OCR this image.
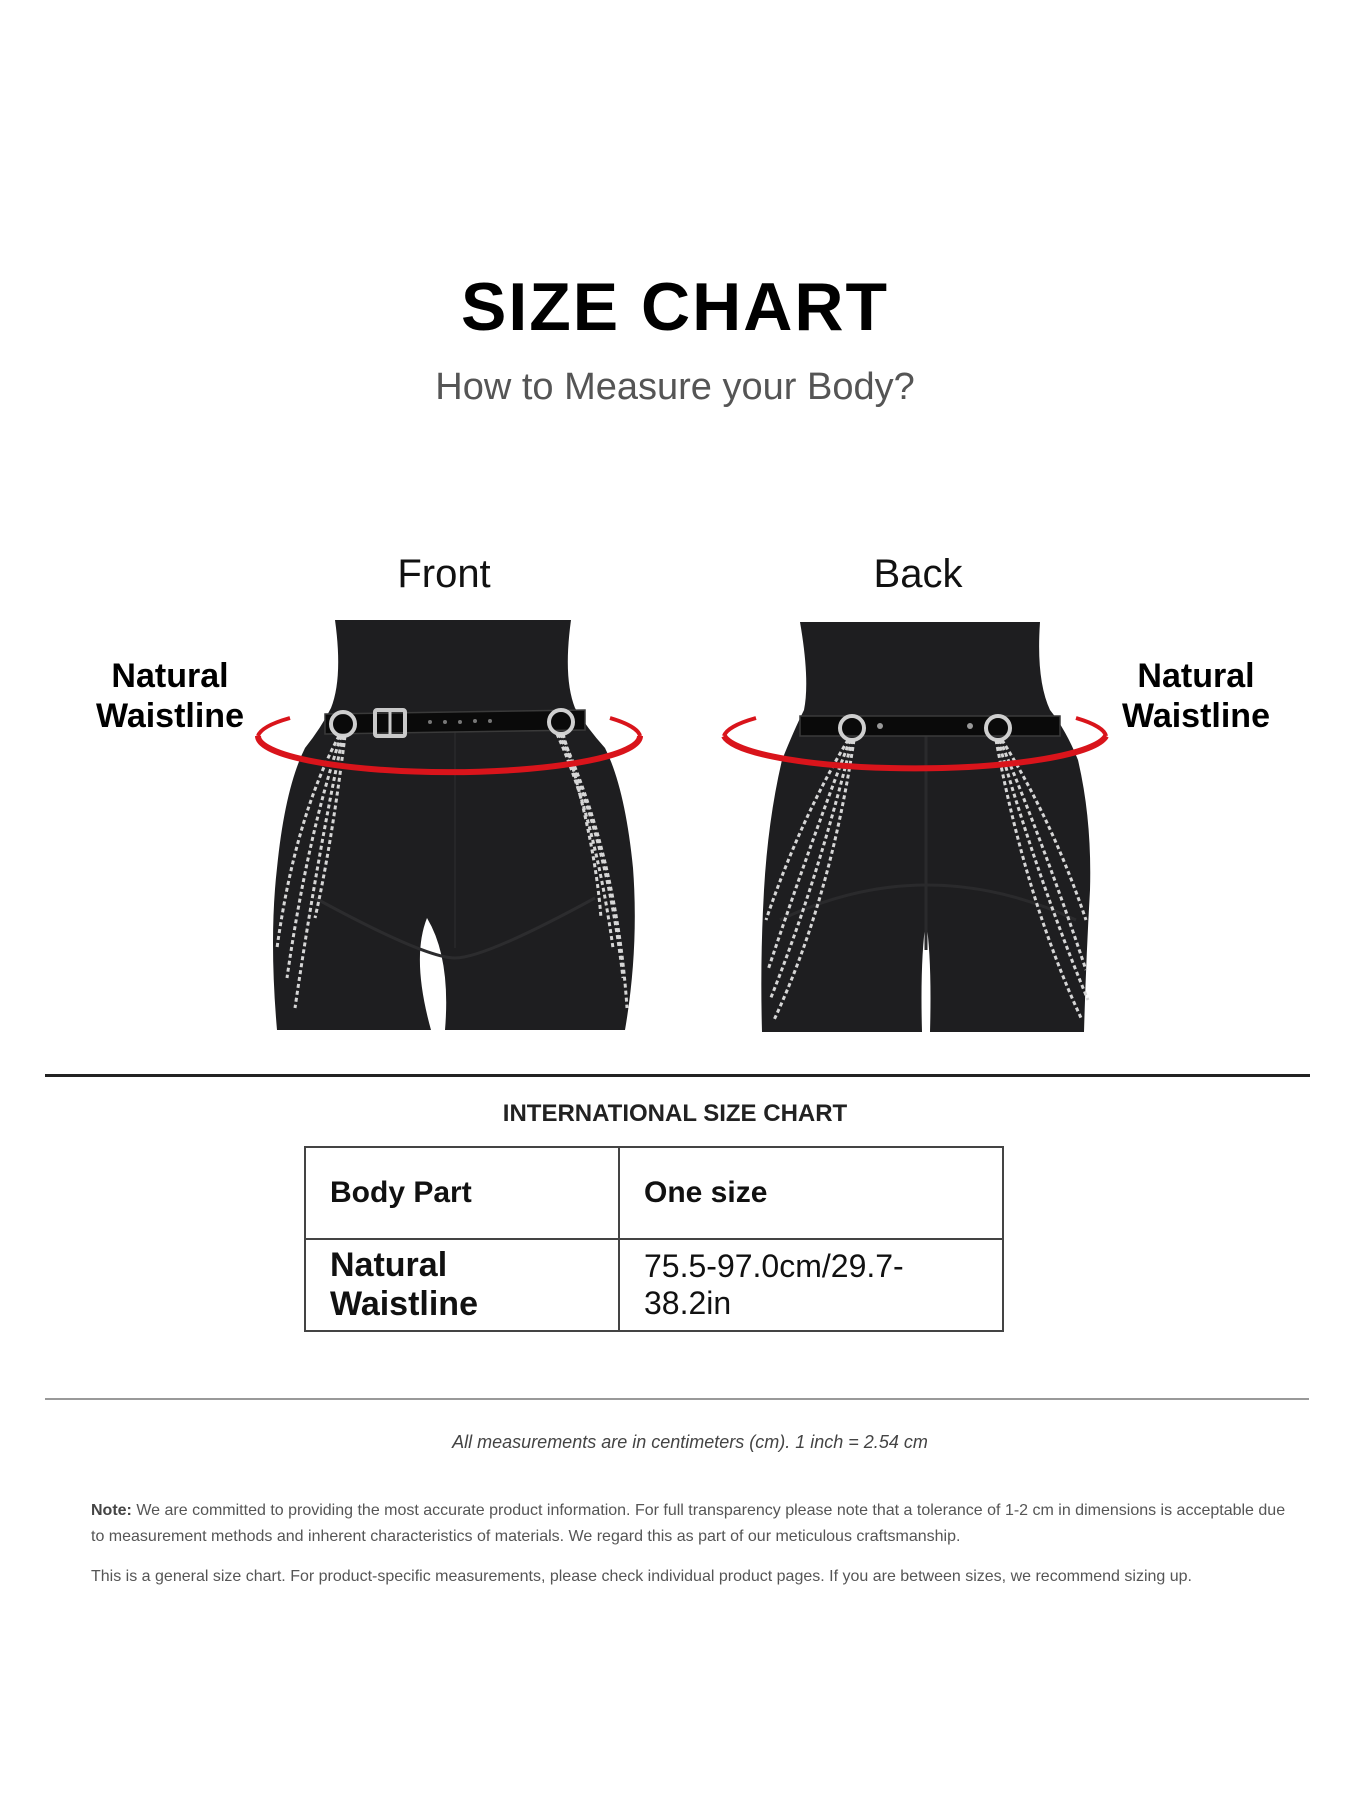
SIZE CHART
How to Measure your Body?
Front	Back
Natural
Waistline
Natural
Waistline
INTERNATIONAL SIZE CHART
Body Part	One size
Natural Waistline	75.5-97.0cm/29.7-38.2in
All measurements are in centimeters (cm). 1 inch = 2.54 cm
Note: We are committed to providing the most accurate product information. For full transparency please note that a tolerance of 1-2 cm in dimensions is acceptable due to measurement methods and inherent characteristics of materials. We regard this as part of our meticulous craftsmanship.
This is a general size chart. For product-specific measurements, please check individual product pages. If you are between sizes, we recommend sizing up.
